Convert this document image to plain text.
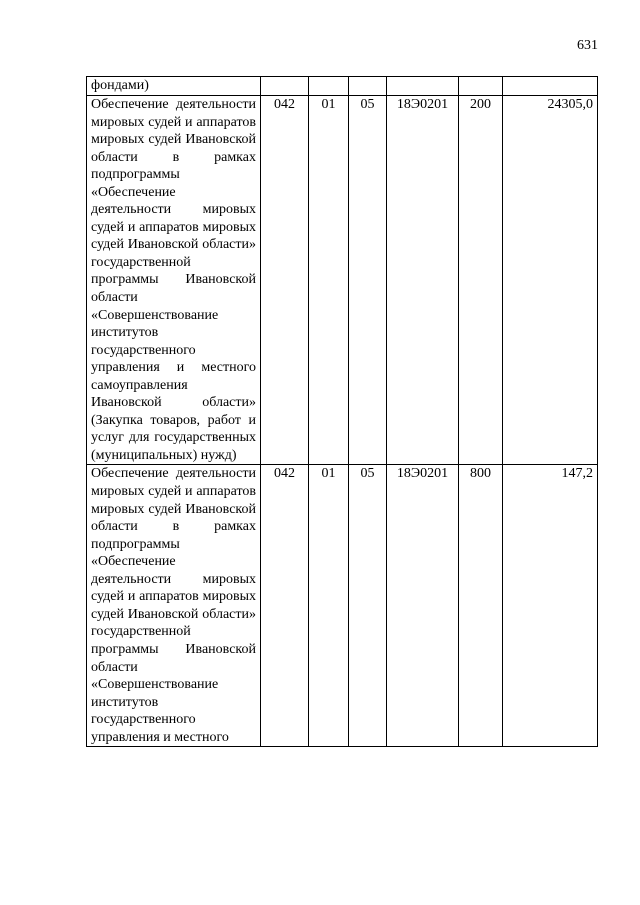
631
фондами)						
Обеспечение деятельности мировых судей и аппаратов мировых судей Ивановской области в рамках подпрограммы «Обеспечение деятельности мировых судей и аппаратов мировых судей Ивановской области» государственной программы Ивановской области «Совершенствование институтов государственного управления и местного самоуправления Ивановской области» (Закупка товаров, работ и услуг для государственных (муниципальных) нужд)	042	01	05	18Э0201	200	24305,0
Обеспечение деятельности мировых судей и аппаратов мировых судей Ивановской области в рамках подпрограммы «Обеспечение деятельности мировых судей и аппаратов мировых судей Ивановской области» государственной программы Ивановской области «Совершенствование институтов государственного управления и местного	042	01	05	18Э0201	800	147,2
